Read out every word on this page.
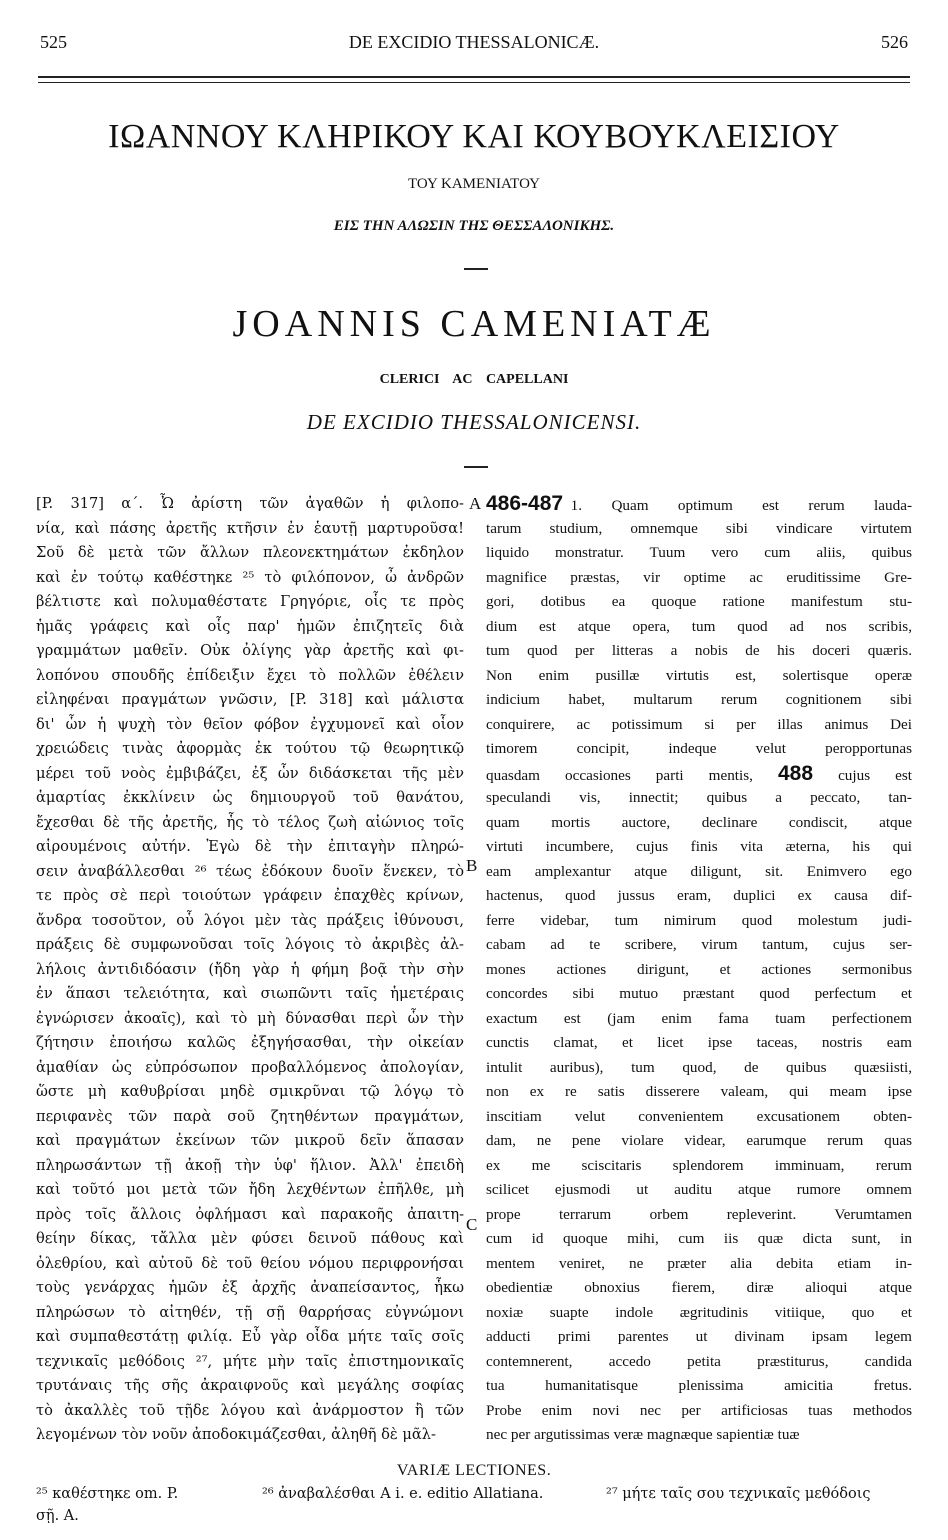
525	DE EXCIDIO THESSALONICÆ.	526
ΙΩΑΝΝΟΥ ΚΛΗΡΙΚΟΥ ΚΑΙ ΚΟΥΒΟΥΚΛΕΙΣΙΟΥ
ΤΟΥ ΚΑΜΕΝΙΑΤΟΥ
ΕΙΣ ΤΗΝ ΑΛΩΣΙΝ ΤΗΣ ΘΕΣΣΑΛΟΝΙΚΗΣ.
JOANNIS CAMENIATÆ
CLERICI AC CAPELLANI
DE EXCIDIO THESSALONICENSI.
[P. 317] α΄. Ὦ ἀρίστη τῶν ἀγαθῶν ἡ φιλοπο-
νία, καὶ πάσης ἀρετῆς κτῆσιν ἐν ἑαυτῇ μαρτυροῦσα!
Σοῦ δὲ μετὰ τῶν ἄλλων πλεονεκτημάτων ἐκδηλον
καὶ ἐν τούτῳ καθέστηκε ²⁵ τὸ φιλόπονον, ὦ ἀνδρῶν
βέλτιστε καὶ πολυμαθέστατε Γρηγόριε, οἷς τε πρὸς
ἡμᾶς γράφεις καὶ οἷς παρ' ἡμῶν ἐπιζητεῖς διὰ
γραμμάτων μαθεῖν. Οὐκ ὀλίγης γὰρ ἀρετῆς καὶ φι-
λοπόνου σπουδῆς ἐπίδειξιν ἔχει τὸ πολλῶν ἐθέλειν
εἰληφέναι πραγμάτων γνῶσιν, [P. 318] καὶ μάλιστα
δι' ὧν ἡ ψυχὴ τὸν θεῖον φόβον ἐγχυμονεῖ καὶ οἷον
χρειώδεις τινὰς ἀφορμὰς ἐκ τούτου τῷ θεωρητικῷ
μέρει τοῦ νοὸς ἐμβιβάζει, ἐξ ὧν διδάσκεται τῆς μὲν
ἁμαρτίας ἐκκλίνειν ὡς δημιουργοῦ τοῦ θανάτου,
ἔχεσθαι δὲ τῆς ἀρετῆς, ἧς τὸ τέλος ζωὴ αἰώνιος τοῖς
αἱρουμένοις αὐτήν. Ἐγὼ δὲ τὴν ἐπιταγὴν πληρώ-
σειν ἀναβάλλεσθαι ²⁶ τέως ἐδόκουν δυοῖν ἕνεκεν, τὸ
τε πρὸς σὲ περὶ τοιούτων γράφειν ἐπαχθὲς κρίνων,
ἄνδρα τοσοῦτον, οὗ λόγοι μὲν τὰς πράξεις ἰθύνουσι,
πράξεις δὲ συμφωνοῦσαι τοῖς λόγοις τὸ ἀκριβὲς ἀλ-
λήλοις ἀντιδιδόασιν (ἤδη γὰρ ἡ φήμη βοᾷ τὴν σὴν
ἐν ἅπασι τελειότητα, καὶ σιωπῶντι ταῖς ἡμετέραις
ἐγνώρισεν ἀκοαῖς), καὶ τὸ μὴ δύνασθαι περὶ ὧν τὴν
ζήτησιν ἐποιήσω καλῶς ἐξηγήσασθαι, τὴν οἰκείαν
ἀμαθίαν ὡς εὐπρόσωπον προβαλλόμενος ἀπολογίαν,
ὥστε μὴ καθυβρίσαι μηδὲ σμικρῦναι τῷ λόγῳ τὸ
περιφανὲς τῶν παρὰ σοῦ ζητηθέντων πραγμάτων,
καὶ πραγμάτων ἐκείνων τῶν μικροῦ δεῖν ἅπασαν
πληρωσάντων τῇ ἀκοῇ τὴν ὑφ' ἥλιον. Ἀλλ' ἐπειδὴ
καὶ τοῦτό μοι μετὰ τῶν ἤδη λεχθέντων ἐπῆλθε, μὴ
πρὸς τοῖς ἄλλοις ὀφλήμασι καὶ παρακοῆς ἀπαιτη-
θείην δίκας, τἄλλα μὲν φύσει δεινοῦ πάθους καὶ
ὀλεθρίου, καὶ αὐτοῦ δὲ τοῦ θείου νόμου περιφρονήσαι
τοὺς γενάρχας ἡμῶν ἐξ ἀρχῆς ἀναπείσαντος, ἧκω
πληρώσων τὸ αἰτηθέν, τῇ σῇ θαρρήσας εὐγνώμονι
καὶ συμπαθεστάτῃ φιλίᾳ. Εὖ γὰρ οἶδα μήτε ταῖς σοῖς
τεχνικαῖς μεθόδοις ²⁷, μήτε μὴν ταῖς ἐπιστημονικαῖς
τρυτάναις τῆς σῆς ἀκραιφνοῦς καὶ μεγάλης σοφίας
τὸ ἀκαλλὲς τοῦ τῇδε λόγου καὶ ἀνάρμοστον ἢ τῶν
λεγομένων τὸν νοῦν ἀποδοκιμάζεσθαι, ἀληθῆ δὲ μᾶλ-
486-487  1. Quam optimum est rerum lauda-
tarum studium, omnemque sibi vindicare virtutem
liquido monstratur. Tuum vero cum aliis, quibus
magnifice præstas, vir optime ac eruditissime Gre-
gori, dotibus ea quoque ratione manifestum stu-
dium est atque opera, tum quod ad nos scribis,
tum quod per litteras a nobis de his doceri quæris.
Non enim pusillæ virtutis est, solertisque operæ
indicium habet, multarum rerum cognitionem sibi
conquirere, ac potissimum si per illas animus Dei
timorem concipit, indeque velut peropportunas
quasdam occasiones parti mentis, 488 cujus est
speculandi vis, innectit; quibus a peccato, tan-
quam mortis auctore, declinare condiscit, atque
virtuti incumbere, cujus finis vita æterna, his qui
eam amplexantur atque diligunt, sit. Enimvero ego
hactenus, quod jussus eram, duplici ex causa dif-
ferre videbar, tum nimirum quod molestum judi-
cabam ad te scribere, virum tantum, cujus ser-
mones actiones dirigunt, et actiones sermonibus
concordes sibi mutuo præstant quod perfectum et
exactum est (jam enim fama tuam perfectionem
cunctis clamat, et licet ipse taceas, nostris eam
intulit auribus), tum quod, de quibus quæsiisti,
non ex re satis disserere valeam, qui meam ipse
inscitiam velut convenientem excusationem obten-
dam, ne pene violare videar, earumque rerum quas
ex me sciscitaris splendorem imminuam, rerum
scilicet ejusmodi ut auditu atque rumore omnem
prope terrarum orbem repleverint. Verumtamen
cum id quoque mihi, cum iis quæ dicta sunt, in
mentem veniret, ne præter alia debita etiam in-
obedientiæ obnoxius fierem, diræ alioqui atque
noxiæ suapte indole ægritudinis vitiique, quo et
adducti primi parentes ut divinam ipsam legem
contemnerent, accedo petita præstiturus, candida
tua humanitatisque plenissima amicitia fretus.
Probe enim novi nec per artificiosas tuas methodos
nec per argutissimas veræ magnæque sapientiæ tuæ
A
B
C
VARIÆ LECTIONES.
²⁵ καθέστηκε om. P.	²⁶ ἀναβαλέσθαι A i. e. editio Allatiana.	²⁷ μήτε ταῖς σου τεχνικαῖς μεθόδοις
σῇ. A.
